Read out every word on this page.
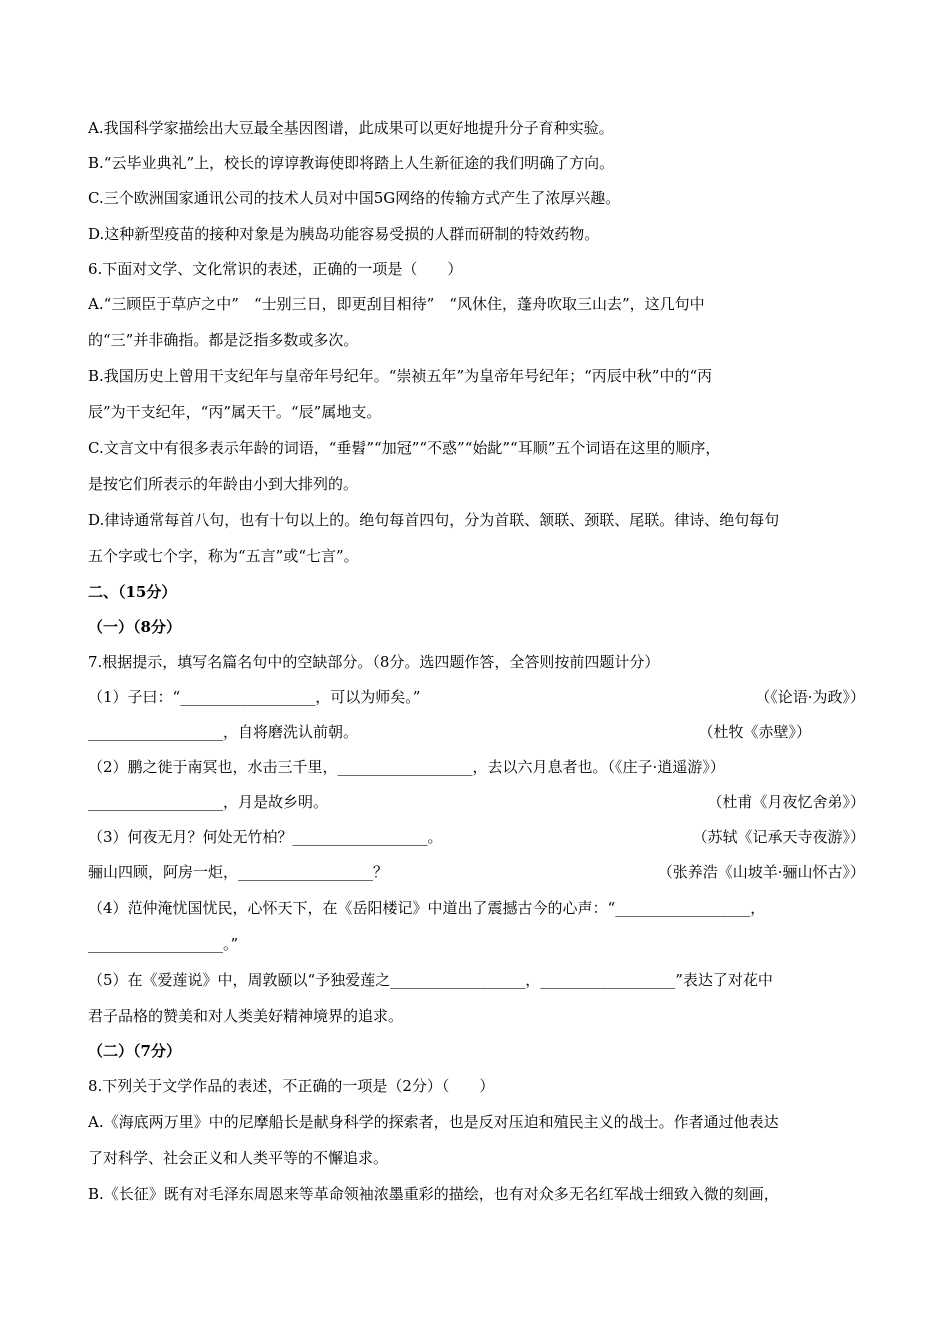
A.我国科学家描绘出大豆最全基因图谱，此成果可以更好地提升分子育种实验。
B.“云毕业典礼”上，校长的谆谆教诲使即将踏上人生新征途的我们明确了方向。
C.三个欧洲国家通讯公司的技术人员对中国5G网络的传输方式产生了浓厚兴趣。
D.这种新型疫苗的接种对象是为胰岛功能容易受损的人群而研制的特效药物。
6.下面对文学、文化常识的表述，正确的一项是（　　）
A.“三顾臣于草庐之中”　“士别三日，即更刮目相待”　“风休住，蓬舟吹取三山去”，这几句中
的“三”并非确指。都是泛指多数或多次。
B.我国历史上曾用干支纪年与皇帝年号纪年。“崇祯五年”为皇帝年号纪年；“丙辰中秋”中的“丙
辰”为干支纪年，“丙”属天干。“辰”属地支。
C.文言文中有很多表示年龄的词语，“垂髫”“加冠”“不惑”“始龀”“耳顺”五个词语在这里的顺序，
是按它们所表示的年龄由小到大排列的。
D.律诗通常每首八句，也有十句以上的。绝句每首四句，分为首联、颔联、颈联、尾联。律诗、绝句每句
五个字或七个字，称为“五言”或“七言”。
二、（15分）
（一）（8分）
7.根据提示，填写名篇名句中的空缺部分。（8分。选四题作答，全答则按前四题计分）
（1）子曰：“__________________，可以为师矣。”	（《论语·为政》）
__________________，自将磨洗认前朝。	（杜牧《赤壁》）
（2）鹏之徙于南冥也，水击三千里，__________________，去以六月息者也。（《庄子·逍遥游》）
__________________，月是故乡明。	（杜甫《月夜忆舍弟》）
（3）何夜无月？何处无竹柏？__________________。	（苏轼《记承天寺夜游》）
骊山四顾，阿房一炬，__________________？	（张养浩《山坡羊·骊山怀古》）
（4）范仲淹忧国忧民，心怀天下，在《岳阳楼记》中道出了震撼古今的心声：“__________________，
__________________。”
（5）在《爱莲说》中，周敦颐以“予独爱莲之__________________，__________________”表达了对花中
君子品格的赞美和对人类美好精神境界的追求。
（二）（7分）
8.下列关于文学作品的表述，不正确的一项是（2分）（　　）
A.《海底两万里》中的尼摩船长是献身科学的探索者，也是反对压迫和殖民主义的战士。作者通过他表达
了对科学、社会正义和人类平等的不懈追求。
B.《长征》既有对毛泽东周恩来等革命领袖浓墨重彩的描绘，也有对众多无名红军战士细致入微的刻画，
